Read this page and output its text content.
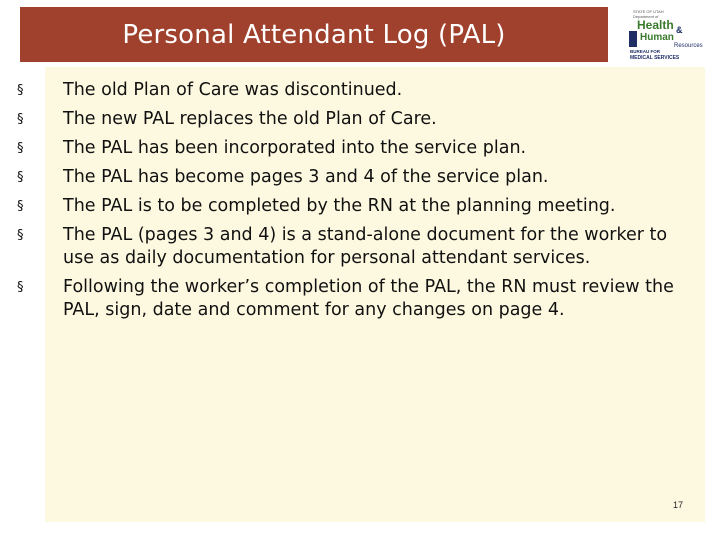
Personal Attendant Log (PAL)
STATE OF UTAH
Department of
Health &
Human
Resources
BUREAU FOR
MEDICAL SERVICES
§ The old Plan of Care was discontinued.
§ The new PAL replaces the old Plan of Care.
§ The PAL has been incorporated into the service plan.
§ The PAL has become pages 3 and 4 of the service plan.
§ The PAL is to be completed by the RN at the planning meeting.
§ The PAL (pages 3 and 4) is a stand-alone document for the worker to use as daily documentation for personal attendant services.
§ Following the worker’s completion of the PAL, the RN must review the PAL, sign, date and comment for any changes on page 4.
17
